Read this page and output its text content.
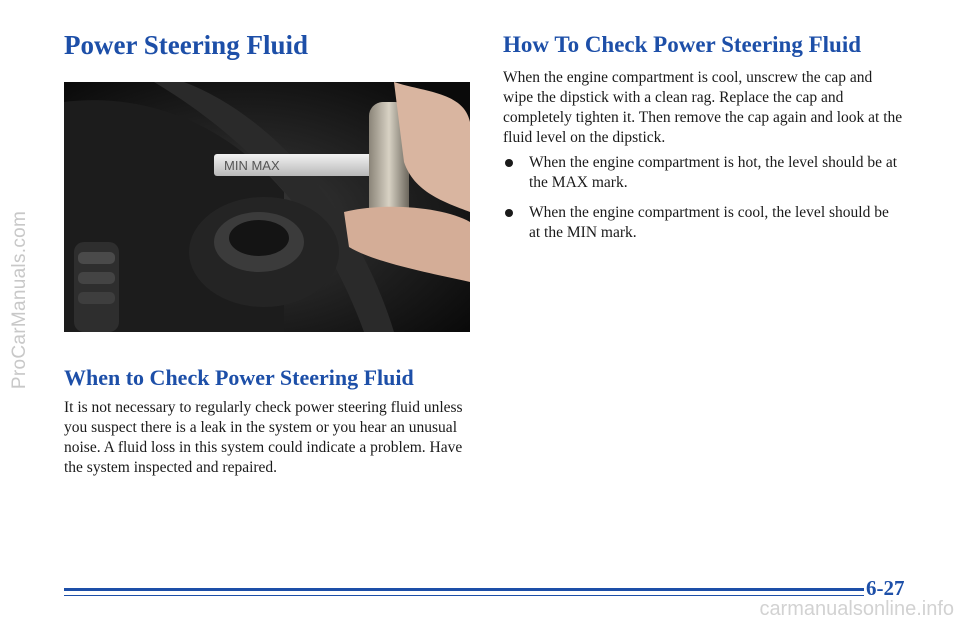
ProCarManuals.com
Power Steering Fluid
MIN MAX
When to Check Power Steering Fluid

It is not necessary to regularly check power steering fluid unless you suspect there is a leak in the system or you hear an unusual noise. A fluid loss in this system could indicate a problem. Have the system inspected and repaired.

How To Check Power Steering Fluid

When the engine compartment is cool, unscrew the cap and wipe the dipstick with a clean rag. Replace the cap and completely tighten it. Then remove the cap again and look at the fluid level on the dipstick.

When the engine compartment is hot, the level should be at the MAX mark.
When the engine compartment is cool, the level should be at the MIN mark.
6-27
carmanualsonline.info
